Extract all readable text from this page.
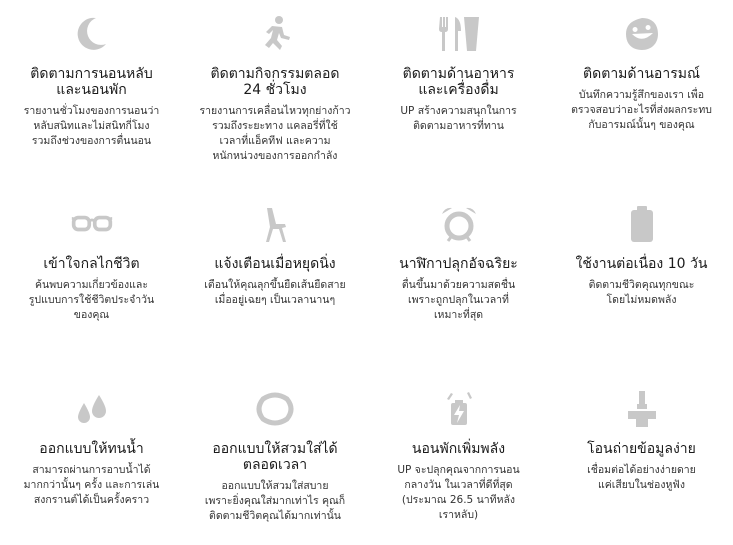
ติดตามการนอนหลับ
และนอนพัก
รายงานชั่วโมงของการนอนว่า
หลับสนิทและไม่สนิทกี่โมง
รวมถึงช่วงของการตื่นนอน
ติดตามกิจกรรมตลอด
24 ชั่วโมง
รายงานการเคลื่อนไหวทุกย่างก้าว
รวมถึงระยะทาง แคลอรี่ที่ใช้
เวลาที่แอ็คทีฟ และความ
หนักหน่วงของการออกกำลัง
ติดตามด้านอาหาร
และเครื่องดื่ม
UP สร้างความสนุกในการ
ติดตามอาหารที่ทาน
ติดตามด้านอารมณ์
บันทึกความรู้สึกของเรา เพื่อ
ตรวจสอบว่าอะไรที่ส่งผลกระทบ
กับอารมณ์นั้นๆ ของคุณ
เข้าใจกลไกชีวิต
ค้นพบความเกี่ยวข้องและ
รูปแบบการใช้ชีวิตประจำวัน
ของคุณ
แจ้งเตือนเมื่อหยุดนิ่ง
เตือนให้คุณลุกขึ้นยืดเส้นยืดสาย
เมื่ออยู่เฉยๆ เป็นเวลานานๆ
นาฬิกาปลุกอัจฉริยะ
ตื่นขึ้นมาด้วยความสดชื่น
เพราะถูกปลุกในเวลาที่
เหมาะที่สุด
ใช้งานต่อเนื่อง 10 วัน
ติดตามชีวิตคุณทุกขณะ
โดยไม่หมดพลัง
ออกแบบให้ทนน้ำ
สามารถผ่านการอาบน้ำได้
มากกว่านั้นๆ ครั้ง และการเล่น
สงกรานต์ได้เป็นครั้งคราว
ออกแบบให้สวมใส่ได้
ตลอดเวลา
ออกแบบให้สวมใส่สบาย
เพราะยิ่งคุณใส่มากเท่าไร คุณก็
ติดตามชีวิตคุณได้มากเท่านั้น
นอนพักเพิ่มพลัง
UP จะปลุกคุณจากการนอน
กลางวัน ในเวลาที่ดีที่สุด
(ประมาณ 26.5 นาทีหลัง
เราหลับ)
โอนถ่ายข้อมูลง่าย
เชื่อมต่อได้อย่างง่ายดาย
แค่เสียบในช่องหูฟัง
